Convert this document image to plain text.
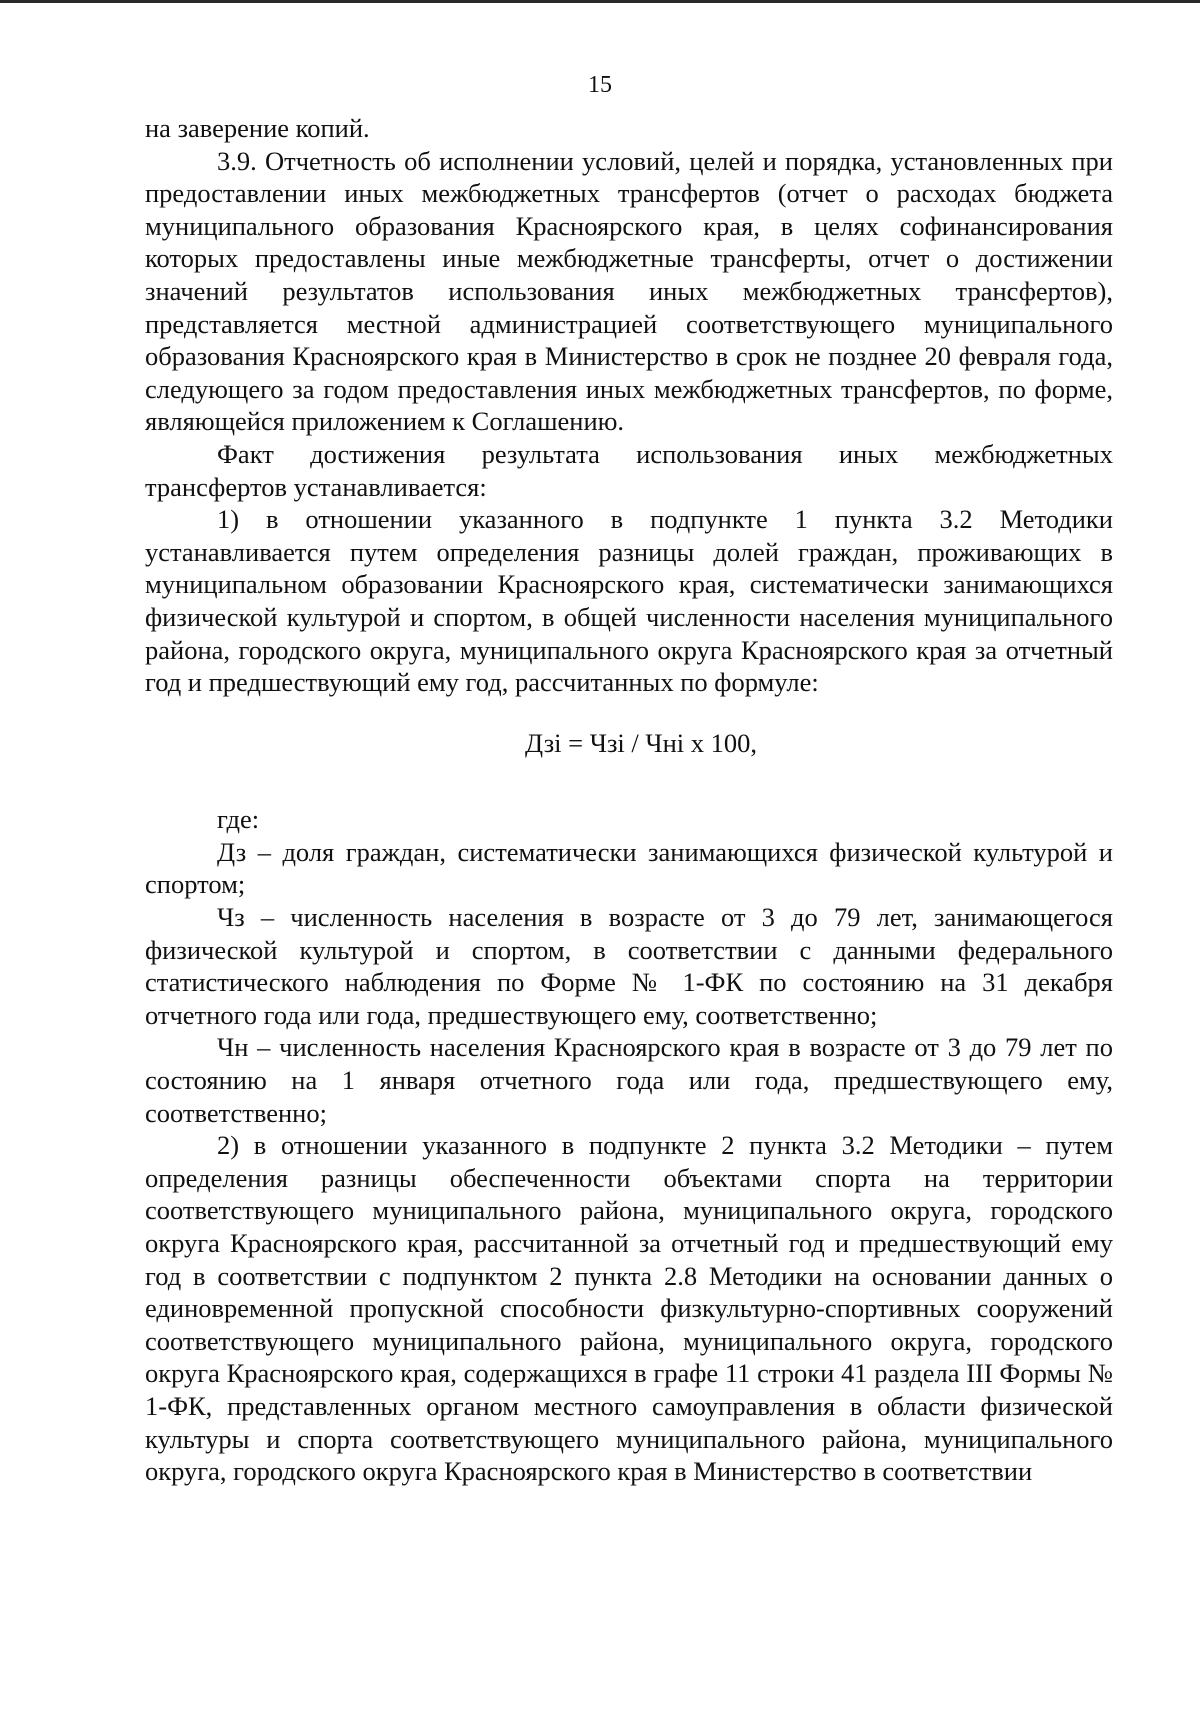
15

на заверение копий.

3.9. Отчетность об исполнении условий, целей и порядка, установленных при предоставлении иных межбюджетных трансфертов (отчет о расходах бюджета муниципального образования Красноярского края, в целях софинансирования которых предоставлены иные межбюджетные трансферты, отчет о достижении значений результатов использования иных межбюджетных трансфертов), представляется местной администрацией соответствующего муниципального образования Красноярского края в Министерство в срок не позднее 20 февраля года, следующего за годом предоставления иных межбюджетных трансфертов, по форме, являющейся приложением к Соглашению.

Факт достижения результата использования иных межбюджетных трансфертов устанавливается:

1) в отношении указанного в подпункте 1 пункта 3.2 Методики устанавливается путем определения разницы долей граждан, проживающих в муниципальном образовании Красноярского края, систематически занимающихся физической культурой и спортом, в общей численности населения муниципального района, городского округа, муниципального округа Красноярского края за отчетный год и предшествующий ему год, рассчитанных по формуле:

Дзi = Чзi / Чнi x 100,

где:

Дз – доля граждан, систематически занимающихся физической культурой и спортом;

Чз – численность населения в возрасте от 3 до 79 лет, занимающегося физической культурой и спортом, в соответствии с данными федерального статистического наблюдения по Форме № 1-ФК по состоянию на 31 декабря отчетного года или года, предшествующего ему, соответственно;

Чн – численность населения Красноярского края в возрасте от 3 до 79 лет по состоянию на 1 января отчетного года или года, предшествующего ему, соответственно;

2) в отношении указанного в подпункте 2 пункта 3.2 Методики – путем определения разницы обеспеченности объектами спорта на территории соответствующего муниципального района, муниципального округа, городского округа Красноярского края, рассчитанной за отчетный год и предшествующий ему год в соответствии с подпунктом 2 пункта 2.8 Методики на основании данных о единовременной пропускной способности физкультурно-спортивных сооружений соответствующего муниципального района, муниципального округа, городского округа Красноярского края, содержащихся в графе 11 строки 41 раздела III Формы № 1-ФК, представленных органом местного самоуправления в области физической культуры и спорта соответствующего муниципального района, муниципального округа, городского округа Красноярского края в Министерство в соответствии
